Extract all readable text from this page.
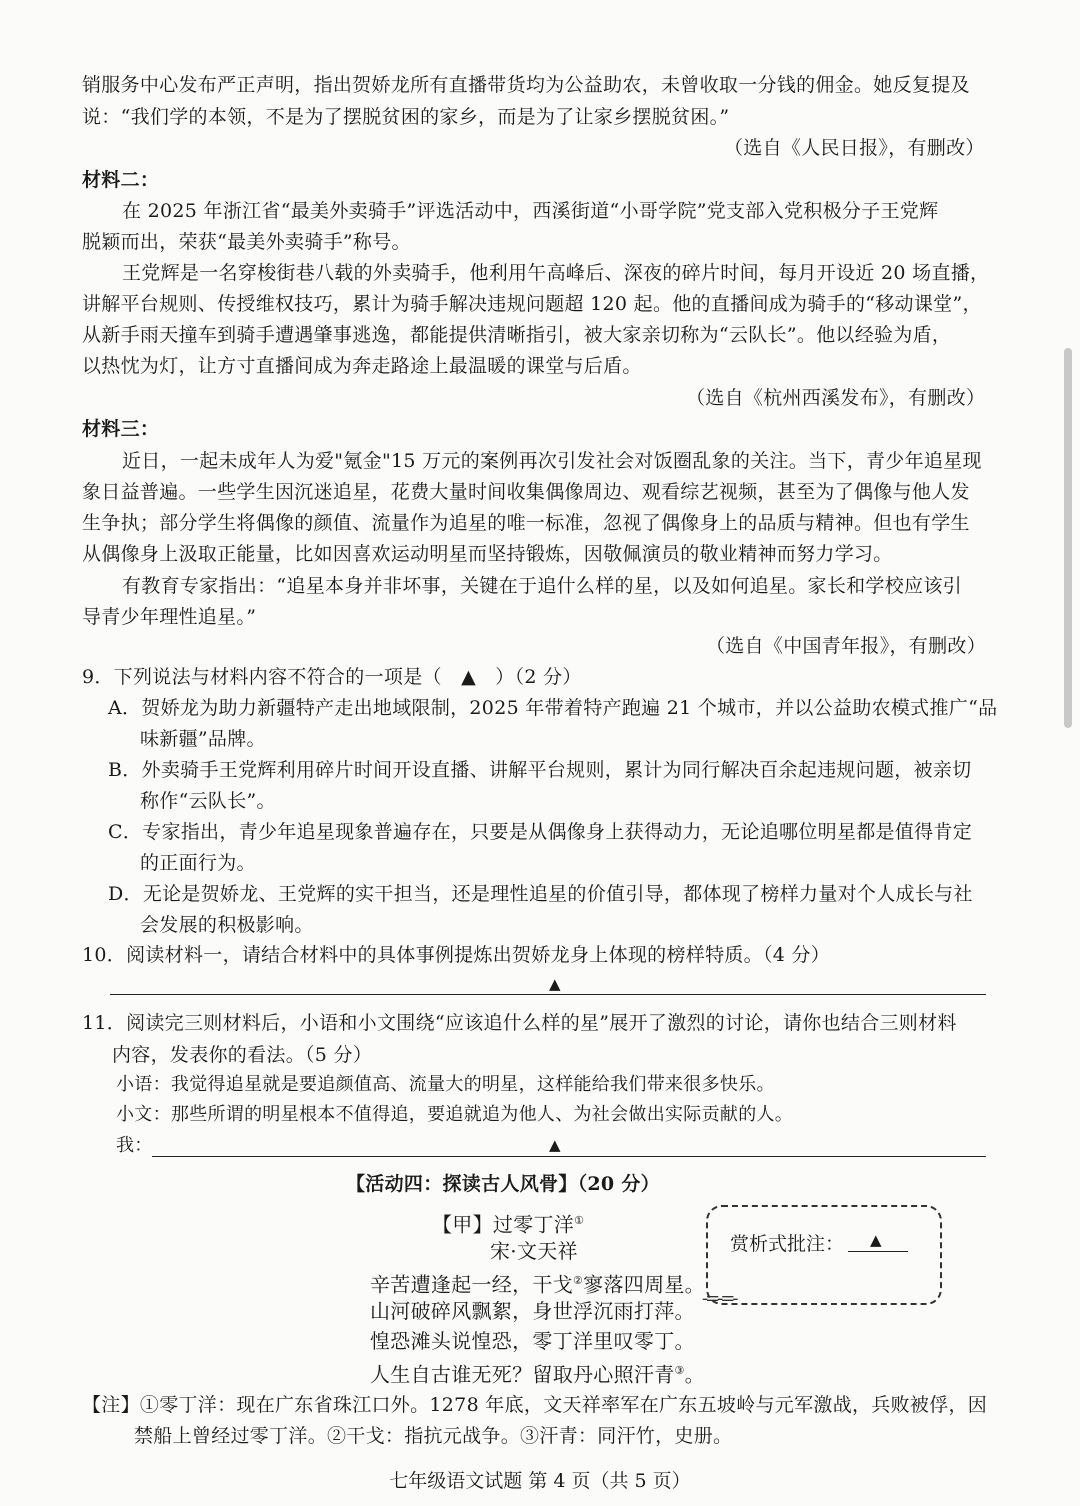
销服务中心发布严正声明，指出贺娇龙所有直播带货均为公益助农，未曾收取一分钱的佣金。她反复提及
说：“我们学的本领，不是为了摆脱贫困的家乡，而是为了让家乡摆脱贫困。”
（选自《人民日报》，有删改）
材料二：
在 2025 年浙江省“最美外卖骑手”评选活动中，西溪街道“小哥学院”党支部入党积极分子王党辉
脱颖而出，荣获“最美外卖骑手”称号。
王党辉是一名穿梭街巷八载的外卖骑手，他利用午高峰后、深夜的碎片时间，每月开设近 20 场直播，
讲解平台规则、传授维权技巧，累计为骑手解决违规问题超 120 起。他的直播间成为骑手的“移动课堂”，
从新手雨天撞车到骑手遭遇肇事逃逸，都能提供清晰指引，被大家亲切称为“云队长”。他以经验为盾，
以热忱为灯，让方寸直播间成为奔走路途上最温暖的课堂与后盾。
（选自《杭州西溪发布》，有删改）
材料三：
近日，一起未成年人为爱"氪金"15 万元的案例再次引发社会对饭圈乱象的关注。当下，青少年追星现
象日益普遍。一些学生因沉迷追星，花费大量时间收集偶像周边、观看综艺视频，甚至为了偶像与他人发
生争执；部分学生将偶像的颜值、流量作为追星的唯一标准，忽视了偶像身上的品质与精神。但也有学生
从偶像身上汲取正能量，比如因喜欢运动明星而坚持锻炼，因敬佩演员的敬业精神而努力学习。
有教育专家指出：“追星本身并非坏事，关键在于追什么样的星，以及如何追星。家长和学校应该引
导青少年理性追星。”
（选自《中国青年报》，有删改）
9．下列说法与材料内容不符合的一项是（　▲　）（2 分）
A．贺娇龙为助力新疆特产走出地域限制，2025 年带着特产跑遍 21 个城市，并以公益助农模式推广“品
味新疆”品牌。
B．外卖骑手王党辉利用碎片时间开设直播、讲解平台规则，累计为同行解决百余起违规问题，被亲切
称作“云队长”。
C．专家指出，青少年追星现象普遍存在，只要是从偶像身上获得动力，无论追哪位明星都是值得肯定
的正面行为。
D．无论是贺娇龙、王党辉的实干担当，还是理性追星的价值引导，都体现了榜样力量对个人成长与社
会发展的积极影响。
10．阅读材料一，请结合材料中的具体事例提炼出贺娇龙身上体现的榜样特质。（4 分）
▲
11．阅读完三则材料后，小语和小文围绕“应该追什么样的星”展开了激烈的讨论，请你也结合三则材料
内容，发表你的看法。（5 分）
小语：我觉得追星就是要追颜值高、流量大的明星，这样能给我们带来很多快乐。
小文：那些所谓的明星根本不值得追，要追就追为他人、为社会做出实际贡献的人。
我：	▲
【活动四：探读古人风骨】（20 分）
【甲】过零丁洋①
宋·文天祥
辛苦遭逢起一经，干戈②寥落四周星。
山河破碎风飘絮，身世浮沉雨打萍。
惶恐滩头说惶恐，零丁洋里叹零丁。
人生自古谁无死？留取丹心照汗青③。
赏析式批注： ▲
-=-=-
【注】①零丁洋：现在广东省珠江口外。1278 年底，文天祥率军在广东五坡岭与元军激战，兵败被俘，因
禁船上曾经过零丁洋。②干戈：指抗元战争。③汗青：同汗竹，史册。
七年级语文试题 第 4 页（共 5 页）
